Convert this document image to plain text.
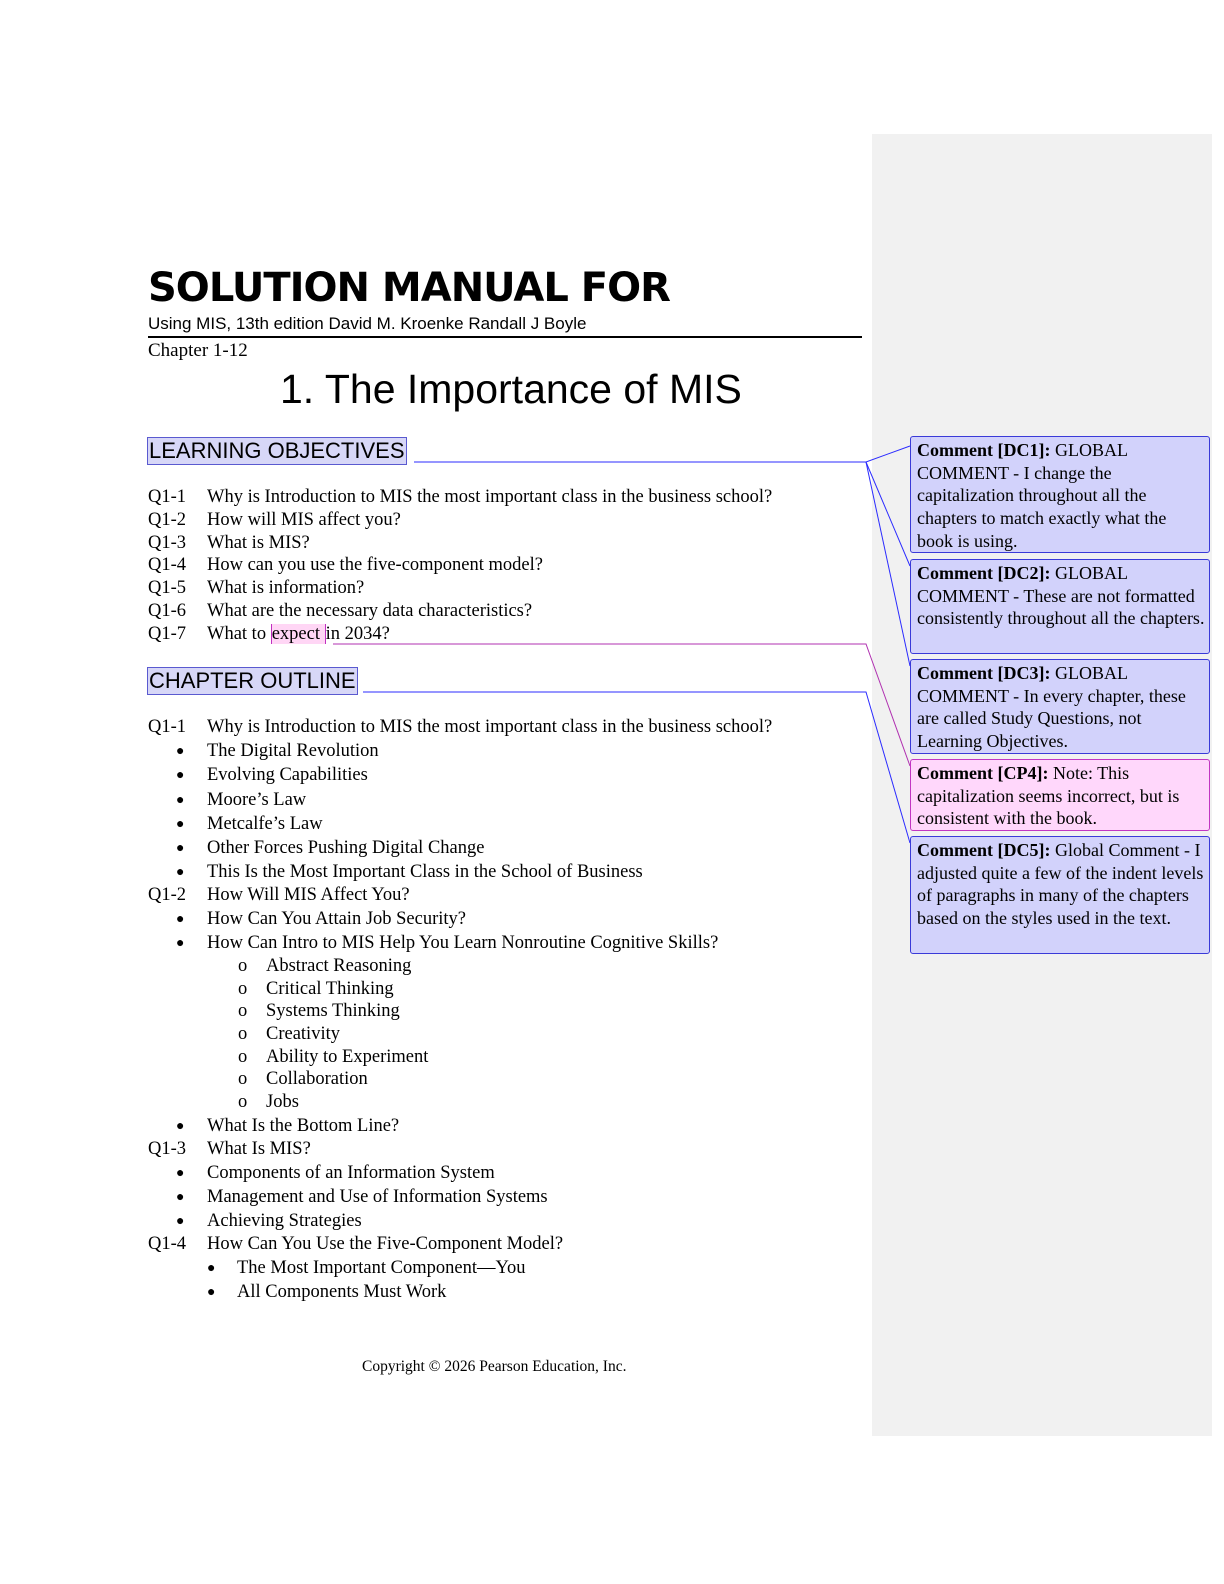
SOLUTION MANUAL FOR
Using MIS, 13th edition David M. Kroenke Randall J Boyle
Chapter 1-12
1. The Importance of MIS
LEARNING OBJECTIVES
Q1-1 Why is Introduction to MIS the most important class in the business school?
Q1-2 How will MIS affect you?
Q1-3 What is MIS?
Q1-4 How can you use the five-component model?
Q1-5 What is information?
Q1-6 What are the necessary data characteristics?
Q1-7 What to expect in 2034?
CHAPTER OUTLINE
Q1-1 Why is Introduction to MIS the most important class in the business school?
● The Digital Revolution
● Evolving Capabilities
● Moore’s Law
● Metcalfe’s Law
● Other Forces Pushing Digital Change
● This Is the Most Important Class in the School of Business
Q1-2 How Will MIS Affect You?
● How Can You Attain Job Security?
● How Can Intro to MIS Help You Learn Nonroutine Cognitive Skills?
o Abstract Reasoning
o Critical Thinking
o Systems Thinking
o Creativity
o Ability to Experiment
o Collaboration
o Jobs
● What Is the Bottom Line?
Q1-3 What Is MIS?
● Components of an Information System
● Management and Use of Information Systems
● Achieving Strategies
Q1-4 How Can You Use the Five-Component Model?
● The Most Important Component—You
● All Components Must Work
Comment [DC1]: GLOBAL COMMENT - I change the capitalization throughout all the chapters to match exactly what the book is using.
Comment [DC2]: GLOBAL COMMENT - These are not formatted consistently throughout all the chapters.
Comment [DC3]: GLOBAL COMMENT - In every chapter, these are called Study Questions, not Learning Objectives.
Comment [CP4]: Note: This capitalization seems incorrect, but is consistent with the book.
Comment [DC5]: Global Comment - I adjusted quite a few of the indent levels of paragraphs in many of the chapters based on the styles used in the text.
Copyright © 2026 Pearson Education, Inc.
